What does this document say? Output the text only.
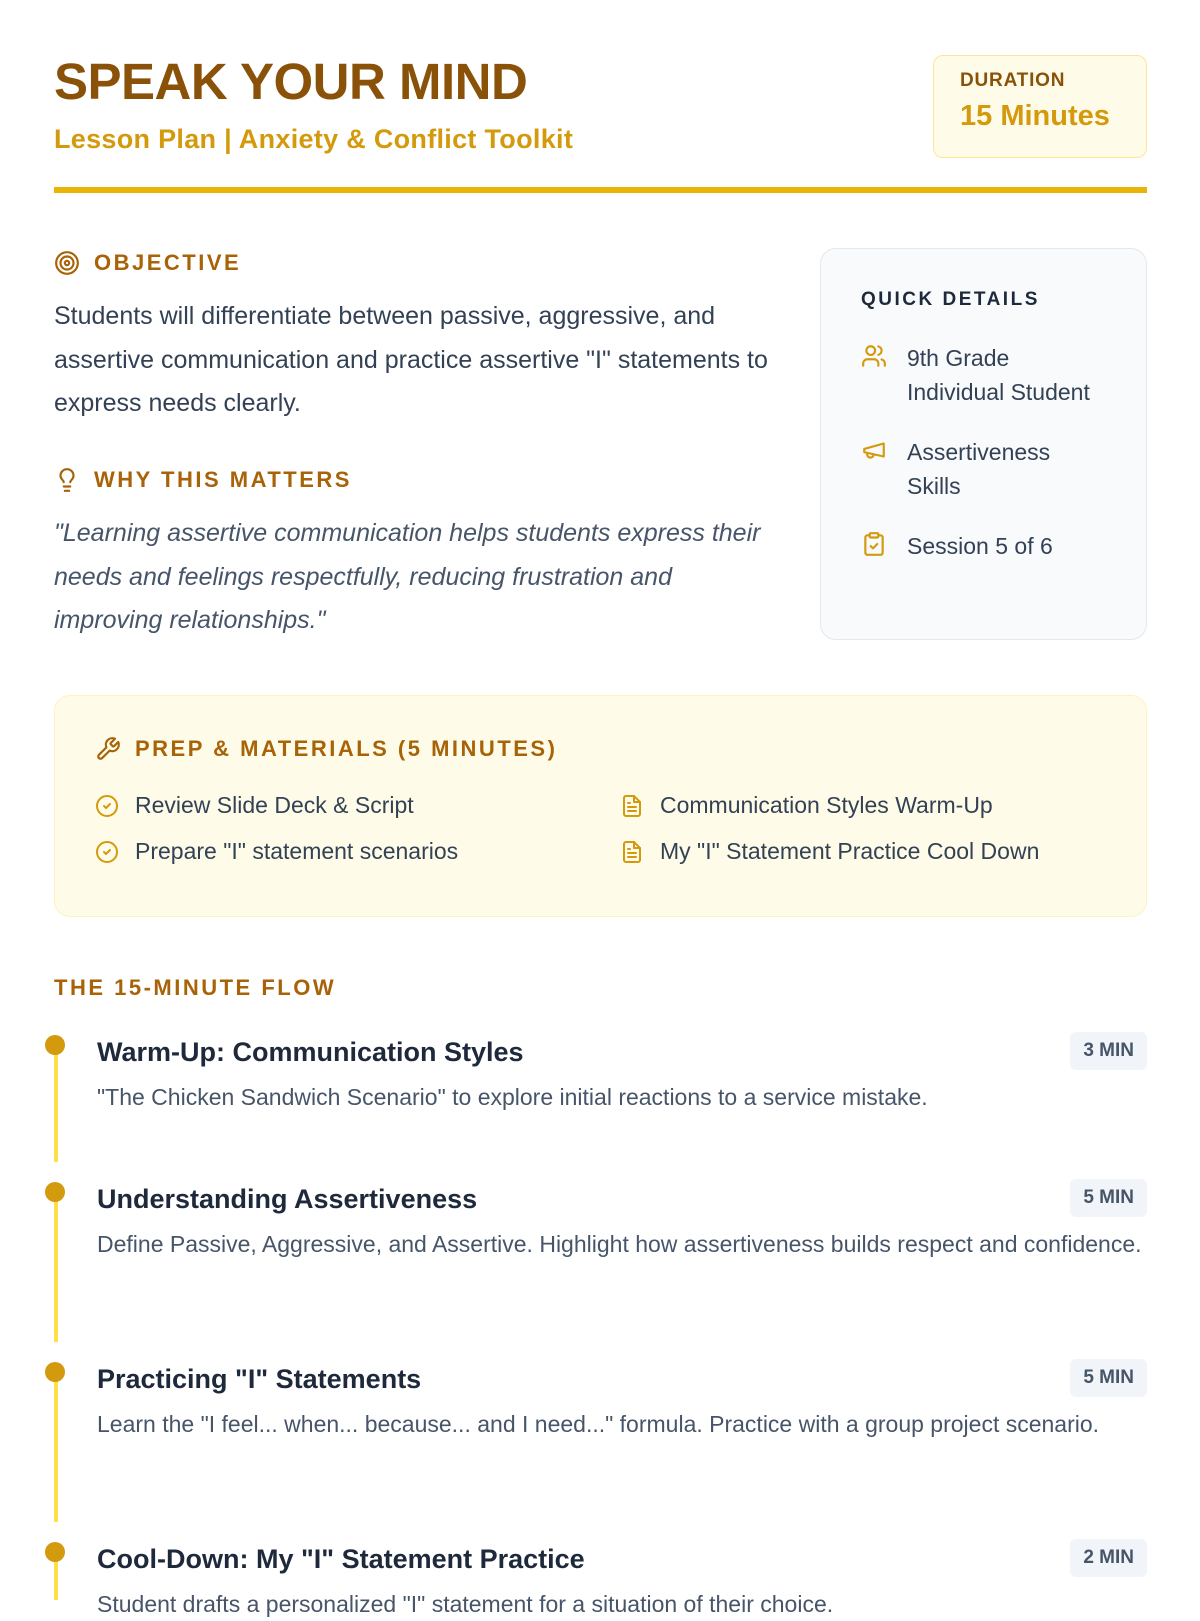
SPEAK YOUR MIND
Lesson Plan | Anxiety & Conflict Toolkit
DURATION
15 Minutes
OBJECTIVE
Students will differentiate between passive, aggressive, and assertive communication and practice assertive "I" statements to express needs clearly.
WHY THIS MATTERS
"Learning assertive communication helps students express their needs and feelings respectfully, reducing frustration and improving relationships."
QUICK DETAILS
9th Grade
Individual Student
Assertiveness
Skills
Session 5 of 6
PREP & MATERIALS (5 MINUTES)
Review Slide Deck & Script
Prepare "I" statement scenarios
Communication Styles Warm-Up
My "I" Statement Practice Cool Down
THE 15-MINUTE FLOW
Warm-Up: Communication Styles	3 MIN
"The Chicken Sandwich Scenario" to explore initial reactions to a service mistake.
Understanding Assertiveness	5 MIN
Define Passive, Aggressive, and Assertive. Highlight how assertiveness builds respect and confidence.
Practicing "I" Statements	5 MIN
Learn the "I feel... when... because... and I need..." formula. Practice with a group project scenario.
Cool-Down: My "I" Statement Practice	2 MIN
Student drafts a personalized "I" statement for a situation of their choice.
